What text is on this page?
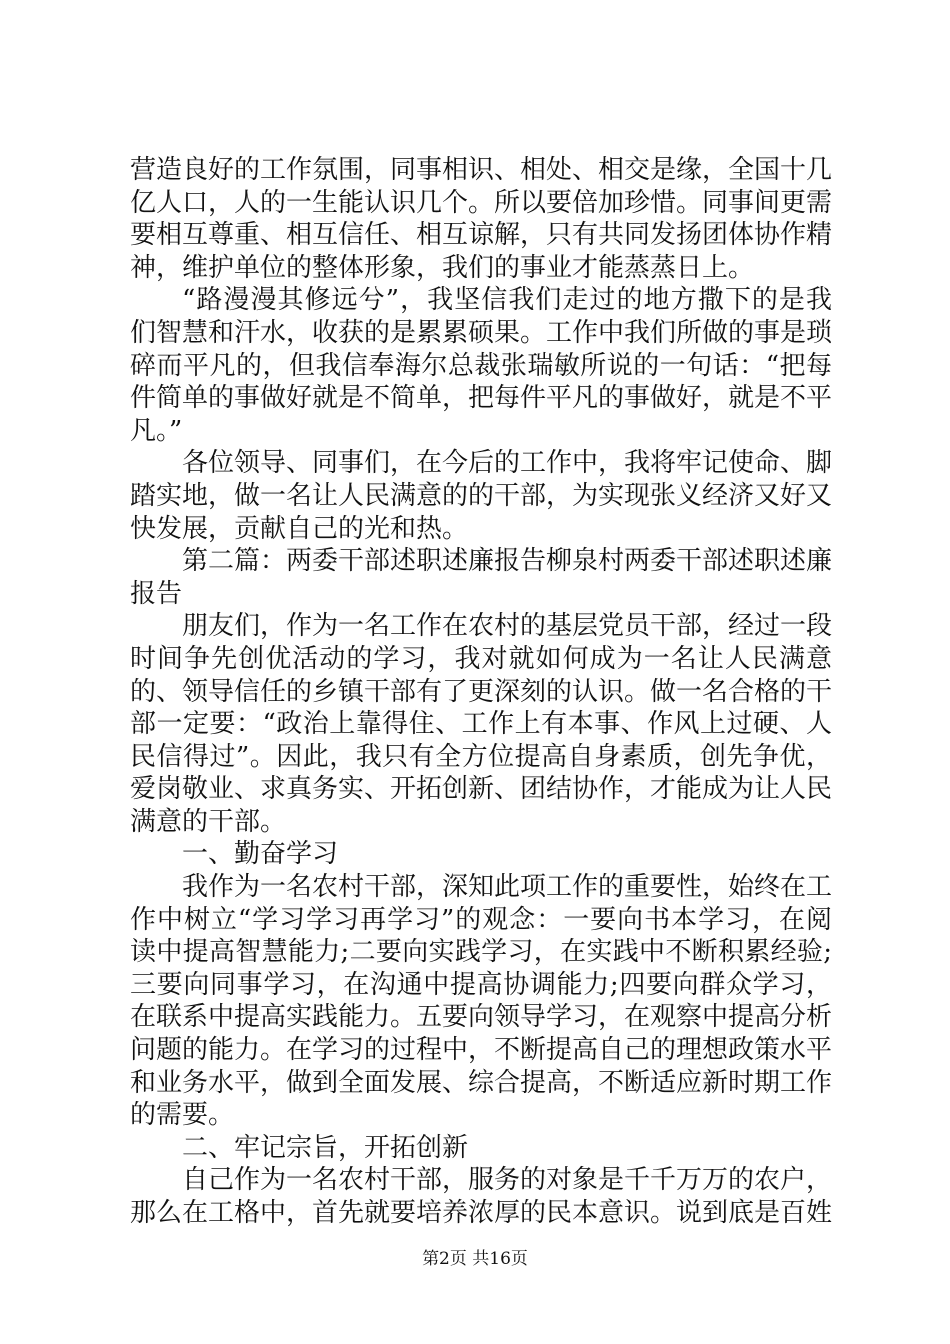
营造良好的工作氛围，同事相识、相处、相交是缘，全国十几亿人口，人的一生能认识几个。所以要倍加珍惜。同事间更需要相互尊重、相互信任、相互谅解，只有共同发扬团体协作精神，维护单位的整体形象，我们的事业才能蒸蒸日上。

“路漫漫其修远兮”，我坚信我们走过的地方撒下的是我们智慧和汗水，收获的是累累硕果。工作中我们所做的事是琐碎而平凡的，但我信奉海尔总裁张瑞敏所说的一句话：“把每件简单的事做好就是不简单，把每件平凡的事做好，就是不平凡。”

各位领导、同事们，在今后的工作中，我将牢记使命、脚踏实地，做一名让人民满意的的干部，为实现张义经济又好又快发展，贡献自己的光和热。

第二篇：两委干部述职述廉报告柳泉村两委干部述职述廉报告

朋友们，作为一名工作在农村的基层党员干部，经过一段时间争先创优活动的学习，我对就如何成为一名让人民满意的、领导信任的乡镇干部有了更深刻的认识。做一名合格的干部一定要：“政治上靠得住、工作上有本事、作风上过硬、人民信得过”。因此，我只有全方位提高自身素质，创先争优，爱岗敬业、求真务实、开拓创新、团结协作，才能成为让人民满意的干部。

一、勤奋学习

我作为一名农村干部，深知此项工作的重要性，始终在工作中树立“学习学习再学习”的观念：一要向书本学习，在阅读中提高智慧能力;二要向实践学习，在实践中不断积累经验;三要向同事学习，在沟通中提高协调能力;四要向群众学习，在联系中提高实践能力。五要向领导学习，在观察中提高分析问题的能力。在学习的过程中，不断提高自己的理想政策水平和业务水平，做到全面发展、综合提高，不断适应新时期工作的需要。

二、牢记宗旨，开拓创新

自己作为一名农村干部，服务的对象是千千万万的农户，那么在工格中，首先就要培养浓厚的民本意识。说到底是百姓

第2页 共16页
